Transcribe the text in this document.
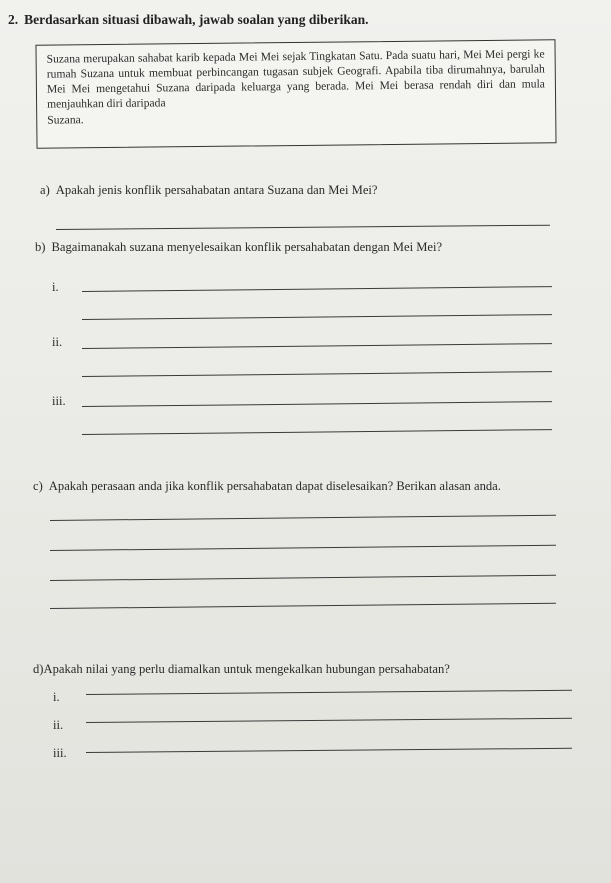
2. Berdasarkan situasi dibawah, jawab soalan yang diberikan.
Suzana merupakan sahabat karib kepada Mei Mei sejak Tingkatan Satu. Pada suatu hari, Mei Mei pergi ke rumah Suzana untuk membuat perbincangan tugasan subjek Geografi. Apabila tiba dirumahnya, barulah Mei Mei mengetahui Suzana daripada keluarga yang berada. Mei Mei berasa rendah diri dan mula menjauhkan diri daripada
Suzana.
a) Apakah jenis konflik persahabatan antara Suzana dan Mei Mei?
b) Bagaimanakah suzana menyelesaikan konflik persahabatan dengan Mei Mei?
i.
ii.
iii.
c) Apakah perasaan anda jika konflik persahabatan dapat diselesaikan? Berikan alasan anda.
d)Apakah nilai yang perlu diamalkan untuk mengekalkan hubungan persahabatan?
i.
ii.
iii.
